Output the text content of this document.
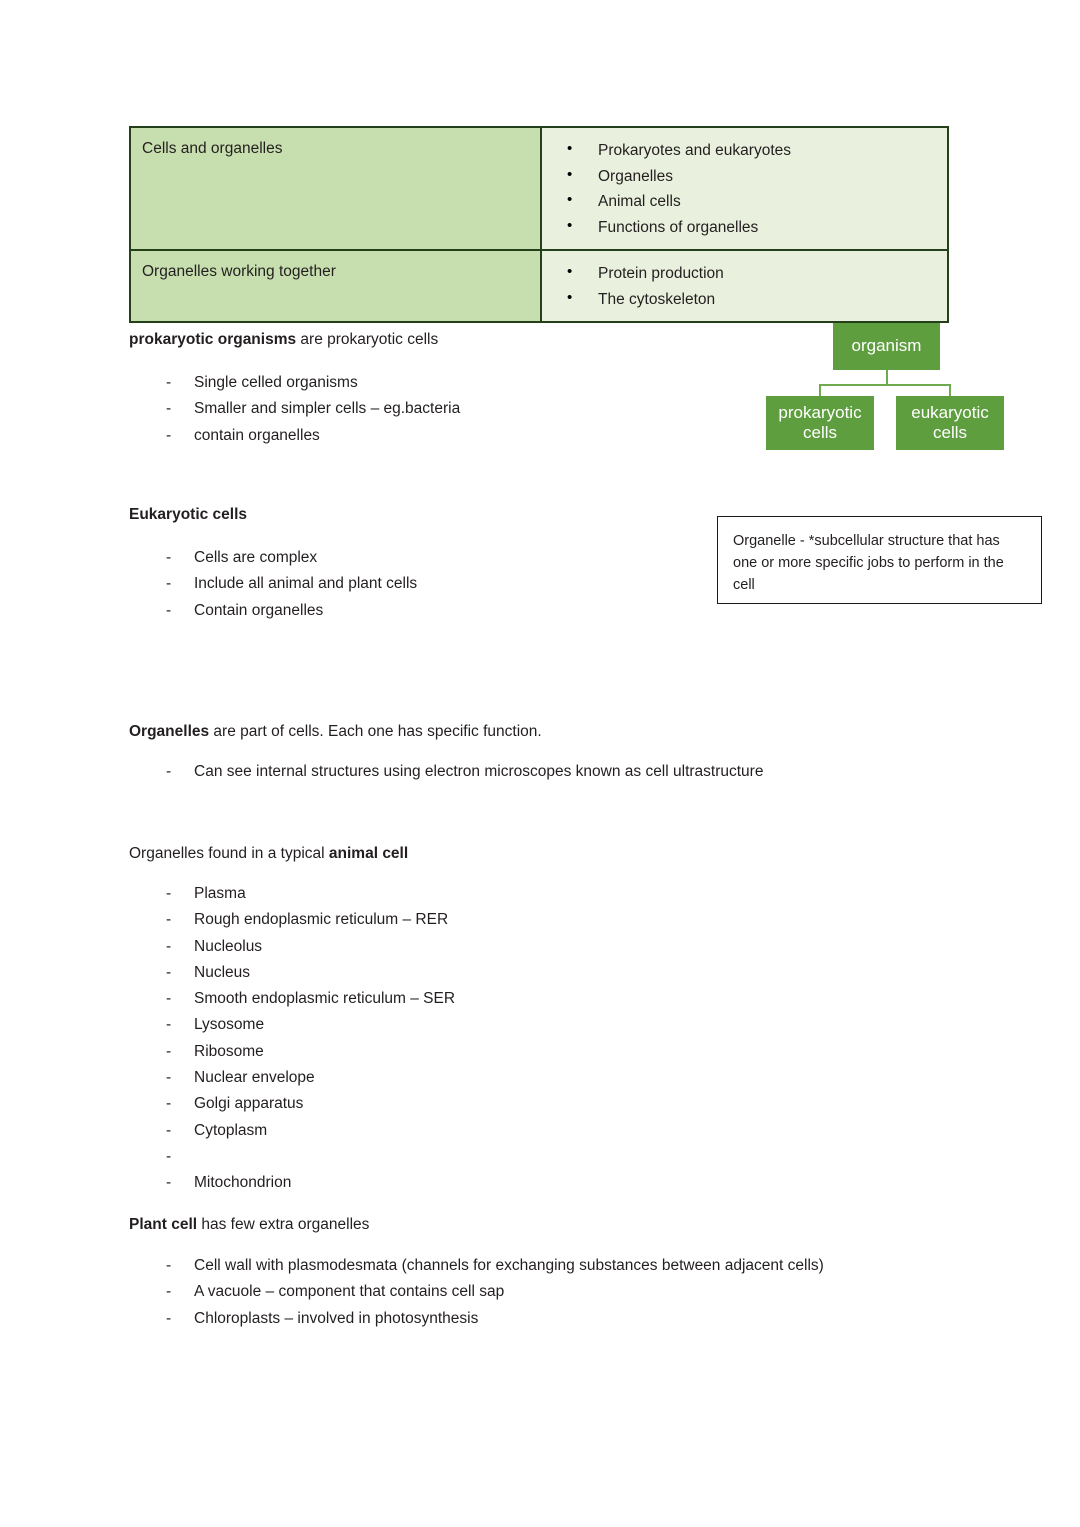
Cells and organelles	
•Prokaryotes and eukaryotes
• Organelles
• Animal cells
• Functions of organelles

Organelles working together	
•Protein production
• The cytoskeleton
prokaryotic organisms are prokaryotic cells
- Single celled organisms
- Smaller and simpler cells – eg.bacteria
- contain organelles
Eukaryotic cells
- Cells are complex
- Include all animal and plant cells
- Contain organelles
Organelles are part of cells. Each one has specific function.
- Can see internal structures using electron microscopes known as cell ultrastructure
Organelles found in a typical animal cell
- Plasma
- Rough endoplasmic reticulum – RER
- Nucleolus
- Nucleus
- Smooth endoplasmic reticulum – SER
- Lysosome
- Ribosome
- Nuclear envelope
- Golgi apparatus
- Cytoplasm
-
- Mitochondrion
Plant cell has few extra organelles
- Cell wall with plasmodesmata (channels for exchanging substances between adjacent cells)
- A vacuole – component that contains cell sap
- Chloroplasts – involved in photosynthesis
organism
prokaryotic
cells
eukaryotic
cells
Organelle - *subcellular structure that has one or more specific jobs to perform in the cell
